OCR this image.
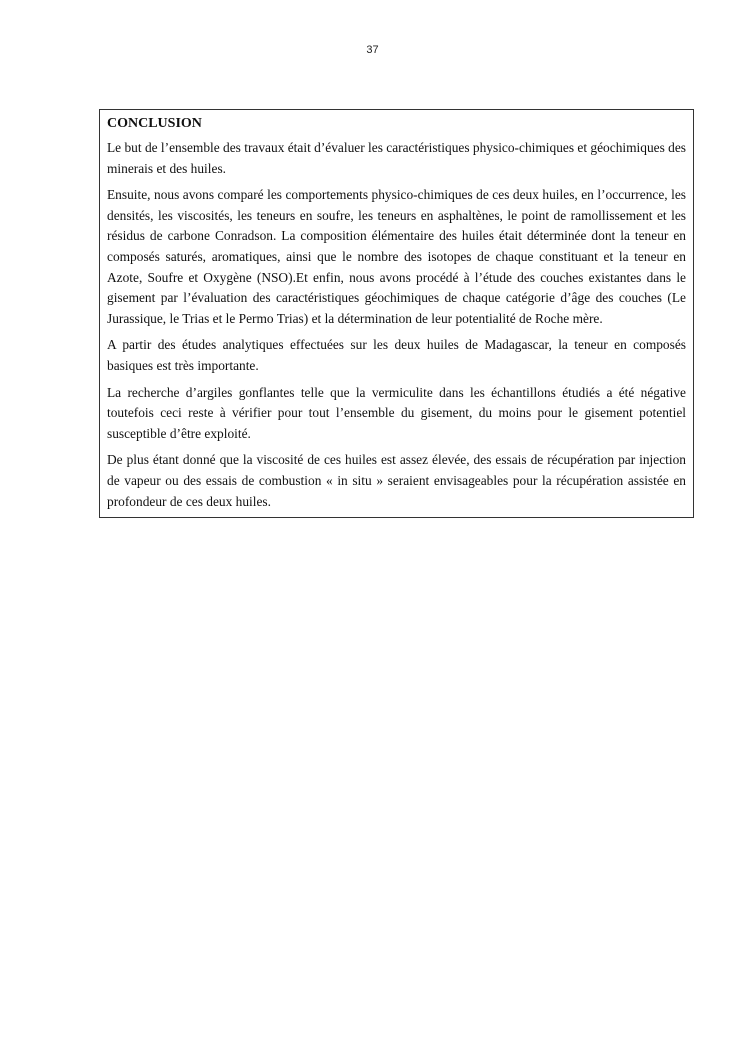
37
CONCLUSION

Le but de l’ensemble des travaux était d’évaluer les caractéristiques physico-chimiques et géochimiques des minerais et des huiles.

Ensuite, nous avons comparé les comportements physico-chimiques de ces deux huiles, en l’occurrence, les densités, les viscosités, les teneurs en soufre, les teneurs en asphaltènes, le point de ramollissement et les résidus de carbone Conradson. La composition élémentaire des huiles était déterminée dont la teneur en composés saturés, aromatiques, ainsi que le nombre des isotopes de chaque constituant et la teneur en Azote, Soufre et Oxygène (NSO).Et enfin, nous avons procédé à l’étude des couches existantes dans le gisement par l’évaluation des caractéristiques géochimiques de chaque catégorie d’âge des couches (Le Jurassique, le Trias et le Permo Trias) et la détermination de leur potentialité de Roche mère.

A partir des études analytiques effectuées sur les deux huiles de Madagascar, la teneur en composés basiques est très importante.

La recherche d’argiles gonflantes telle que la vermiculite dans les échantillons étudiés a été négative toutefois ceci reste à vérifier pour tout l’ensemble du gisement, du moins pour le gisement potentiel susceptible d’être exploité.

De plus étant donné que la viscosité de ces huiles est assez élevée, des essais de récupération par injection de vapeur ou des essais de combustion « in situ » seraient envisageables pour la récupération assistée en profondeur de ces deux huiles.
